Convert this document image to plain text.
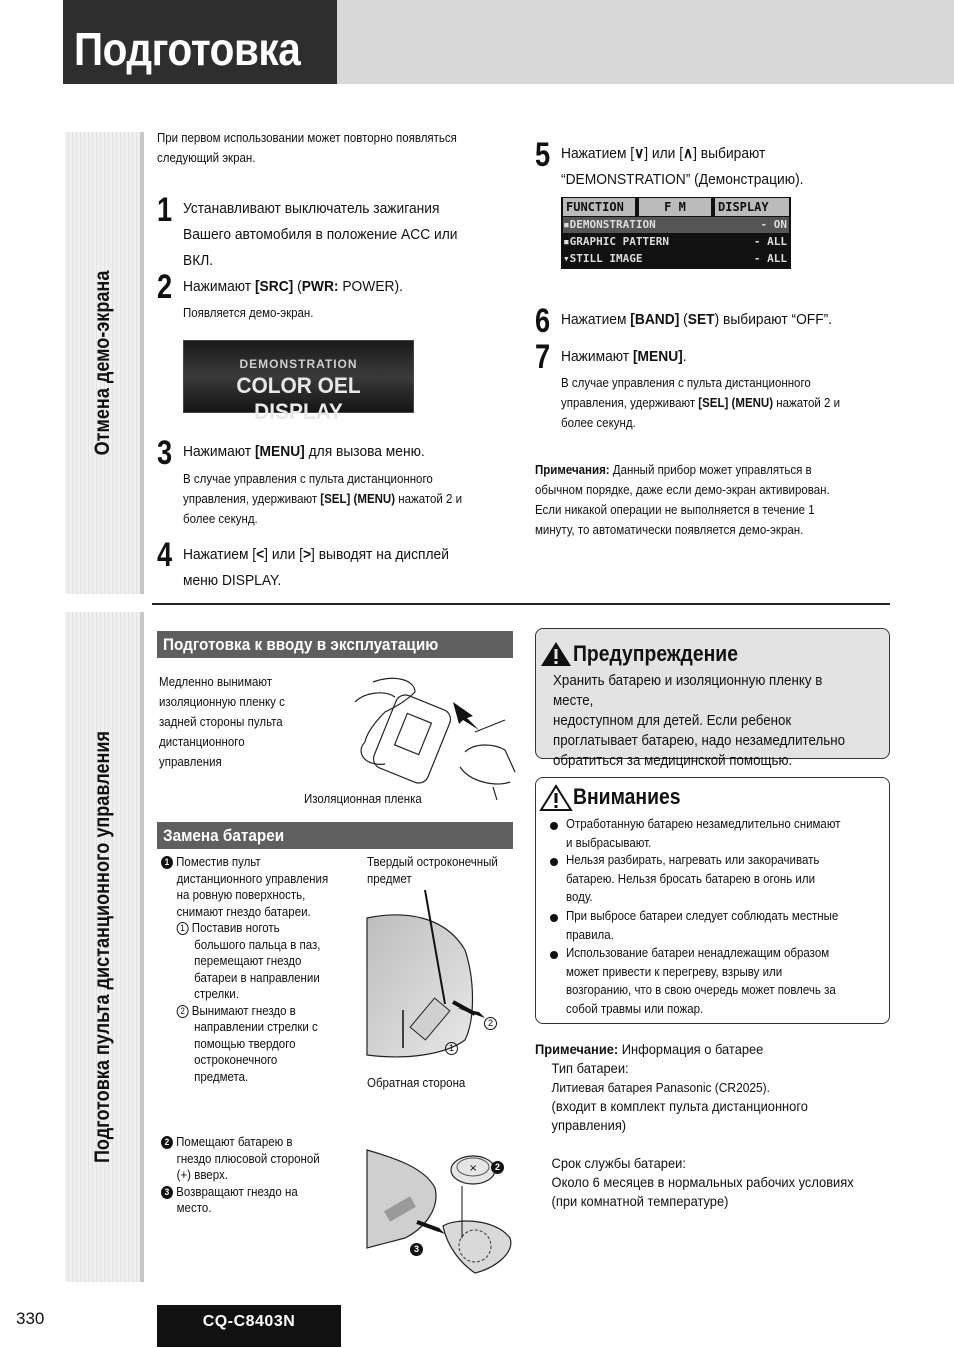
Подготовка
Отмена демо-экрана
Подготовка пульта дистанционного управления
При первом использовании может повторно появляться
следующий экран.
1 Устанавливают выключатель зажигания
Вашего автомобиля в положение ACC или
ВКЛ.
2 Нажимают [SRC] (PWR: POWER).
Появляется демо-экран.
DEMONSTRATION
COLOR OEL DISPLAY
3 Нажимают [MENU] для вызова меню.
В случае управления с пульта дистанционного
управления, удерживают [SEL] (MENU) нажатой 2 и
более секунд.
4 Нажатием [<] или [>] выводят на дисплей
меню DISPLAY.
5 Нажатием [∨] или [∧] выбирают
“DEMONSTRATION” (Демонстрацию).
FUNCTION	F M	DISPLAY
▪DEMONSTRATION	- ON
▪GRAPHIC PATTERN	- ALL
▾STILL IMAGE	- ALL
6 Нажатием [BAND] (SET) выбирают “OFF”.
7 Нажимают [MENU].
В случае управления с пульта дистанционного
управления, удерживают [SEL] (MENU) нажатой 2 и
более секунд.
Примечания: Данный прибор может управляться в
обычном порядке, даже если демо-экран активирован.
Если никакой операции не выполняется в течение 1
минуту, то автоматически появляется демо-экран.
Подготовка к вводу в эксплуатацию
Медленно вынимают
изоляционную пленку с
задней стороны пульта
дистанционного
управления
Изоляционная пленка
Замена батареи
1 Поместив пульт
дистанционного управления
на ровную поверхность,
снимают гнездо батареи.
1 Поставив ноготь
большого пальца в паз,
перемещают гнездо
батареи в направлении
стрелки.
2 Вынимают гнездо в
направлении стрелки с
помощью твердого
остроконечного
предмета.
Твердый остроконечный
предмет
2
1
Обратная сторона
2 Помещают батарею в
гнездо плюсовой стороной
(+) вверх.
3 Возвращают гнездо на
место.
×	2
3
Предупреждение
Хранить батарею и изоляционную пленку в месте,
недоступном для детей. Если ребенок
проглатывает батарею, надо незамедлительно
обратиться за медицинской помощью.
Вниманиеs
Отработанную батарею незамедлительно снимают
и выбрасывают.
Нельзя разбирать, нагревать или закорачивать
батарею. Нельзя бросать батарею в огонь или
воду.
При выбросе батареи следует соблюдать местные
правила.
Использование батареи ненадлежащим образом
может привести к перегреву, взрыву или
возгоранию, что в свою очередь может повлечь за
собой травмы или пожар.
Примечание: Информация о батарее
Тип батареи:
Литиевая батарея Panasonic (CR2025).
(входит в комплект пульта дистанционного
управления)
Срок службы батареи:
Около 6 месяцев в нормальных рабочих условиях
(при комнатной температуре)
330	CQ-C8403N
